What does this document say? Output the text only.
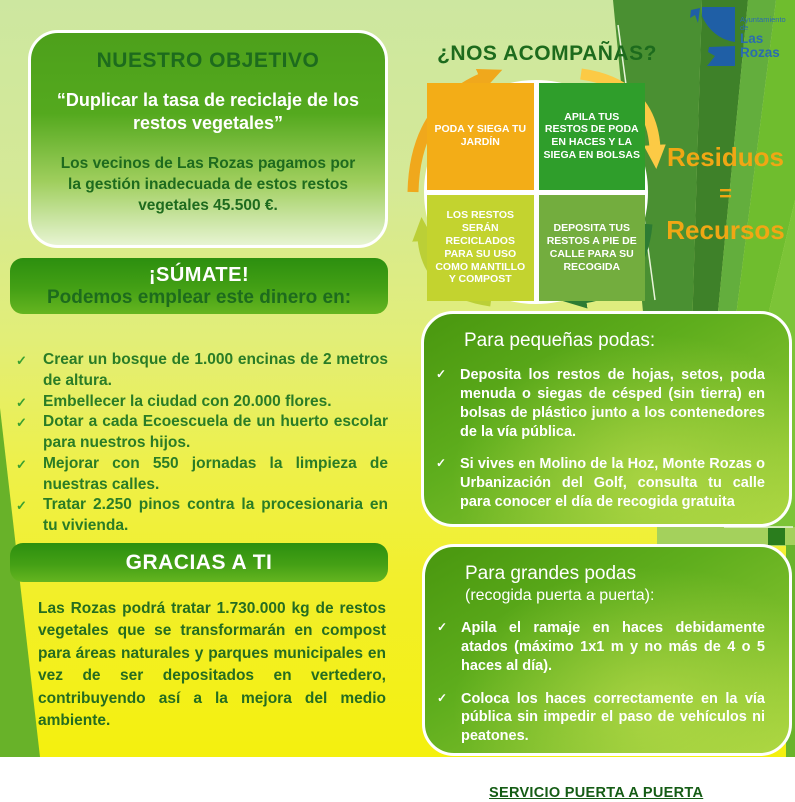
NUESTRO OBJETIVO
“Duplicar la tasa de reciclaje de los restos vegetales”
Los vecinos de Las Rozas pagamos por la gestión inadecuada de estos restos vegetales 45.500 €.
¡SÚMATE!
Podemos emplear este dinero en:
✓	Crear un bosque de 1.000 encinas de 2 metros de altura.
✓	Embellecer la ciudad con 20.000 flores.
✓	Dotar a cada Ecoescuela de un huerto escolar para nuestros hijos.
✓	Mejorar con 550 jornadas la limpieza de nuestras calles.
✓	Tratar 2.250 pinos contra la procesionaria en tu vivienda.
GRACIAS A TI
Las Rozas podrá tratar 1.730.000 kg de restos vegetales que se transformarán en compost para áreas naturales y parques municipales en vez de ser depositados en vertedero, contribuyendo así a la mejora del medio ambiente.
¿NOS ACOMPAÑAS?
Ayuntamiento de
Las Rozas
PODA Y SIEGA TU JARDÍN
APILA TUS RESTOS DE PODA EN HACES Y LA SIEGA EN BOLSAS
LOS RESTOS SERÁN RECICLADOS PARA SU USO COMO MANTILLO Y COMPOST
DEPOSITA TUS RESTOS A PIE DE CALLE PARA SU RECOGIDA
Residuos
=
Recursos
Para pequeñas podas:
✓ Deposita los restos de hojas, setos, poda menuda o siegas de césped (sin tierra) en bolsas de plástico junto a los contenedores de la vía pública.
✓ Si vives en Molino de la Hoz, Monte Rozas o Urbanización del Golf, consulta tu calle para conocer el día de recogida gratuita
Para grandes podas
(recogida puerta a puerta):
✓ Apila el ramaje en haces debidamente atados (máximo 1x1 m y no más de 4 o 5 haces al día).
✓ Coloca los haces correctamente en la vía pública sin impedir el paso de vehículos ni peatones.
✓ Solicita la recogida en el siguiente enlace:
SERVICIO PUERTA A PUERTA
